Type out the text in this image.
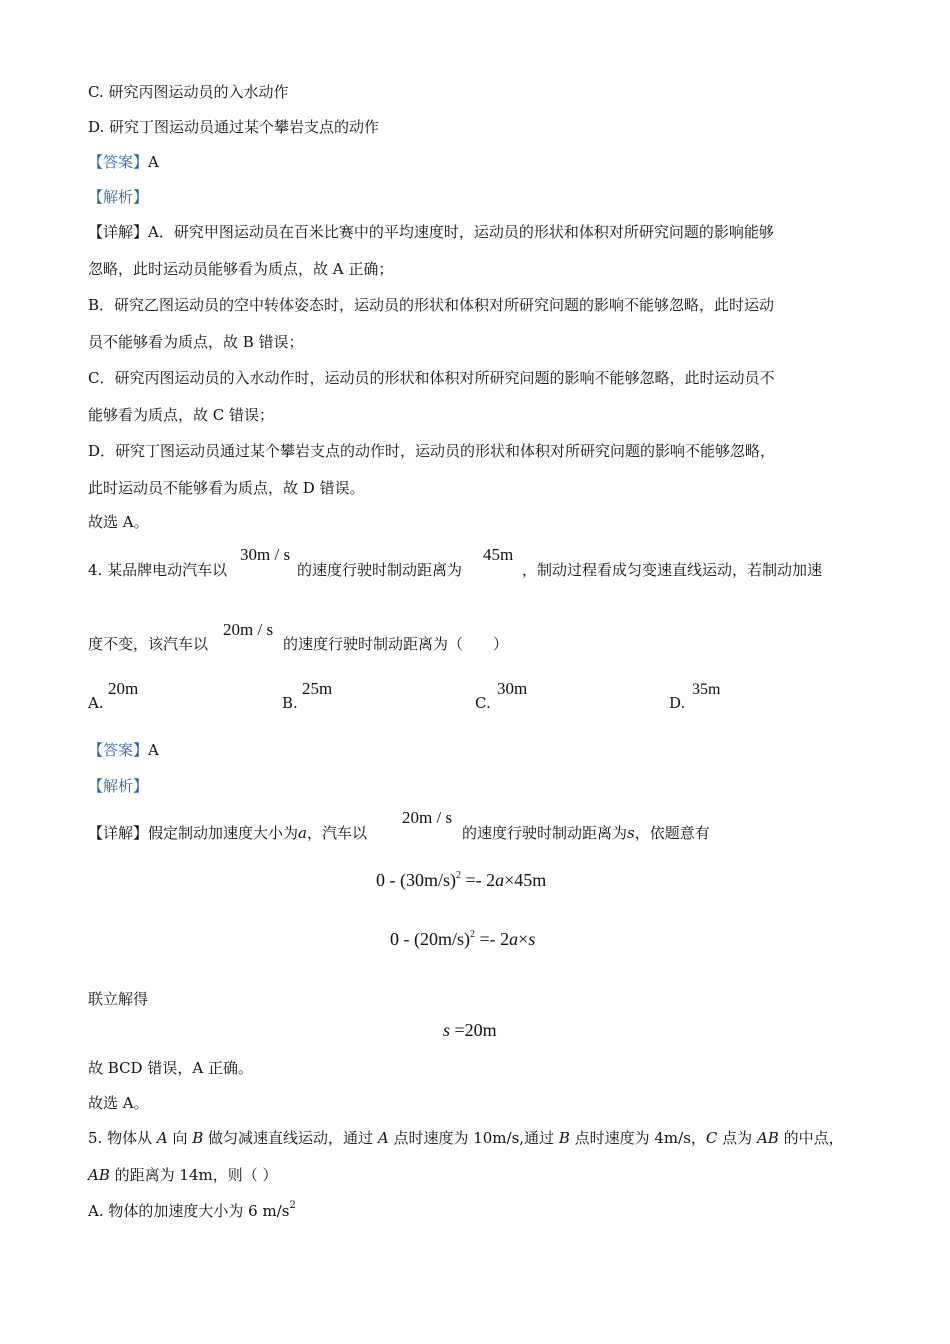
C. 研究丙图运动员的入水动作
D. 研究丁图运动员通过某个攀岩支点的动作
【答案】A
【解析】
【详解】A．研究甲图运动员在百米比赛中的平均速度时，运动员的形状和体积对所研究问题的影响能够
忽略，此时运动员能够看为质点，故 A 正确；
B．研究乙图运动员的空中转体姿态时，运动员的形状和体积对所研究问题的影响不能够忽略，此时运动
员不能够看为质点，故 B 错误；
C．研究丙图运动员的入水动作时，运动员的形状和体积对所研究问题的影响不能够忽略，此时运动员不
能够看为质点，故 C 错误；
D．研究丁图运动员通过某个攀岩支点的动作时，运动员的形状和体积对所研究问题的影响不能够忽略，
此时运动员不能够看为质点，故 D 错误。
故选 A。
4. 某品牌电动汽车以
30m / s
的速度行驶时制动距离为
45m
，制动过程看成匀变速直线运动，若制动加速
度不变，该汽车以
20m / s
的速度行驶时制动距离为（　　）
A.
20m
B.
25m
C.
30m
D.
35m
【答案】A
【解析】
【详解】假定制动加速度大小为a，汽车以
20m / s
的速度行驶时制动距离为s，依题意有
$0 - (30m/s)^2 =- 2a\times 45m$
$0 - (20m/s)^2 =- 2a\times s$
联立解得
s =20m
故 BCD 错误，A 正确。
故选 A。
5. 物体从 A 向 B 做匀减速直线运动，通过 A 点时速度为 10m/s,通过 B 点时速度为 4m/s，C 点为 AB 的中点，
AB 的距离为 14m，则（ ）
A. 物体的加速度大小为 6 $m/s^2$
